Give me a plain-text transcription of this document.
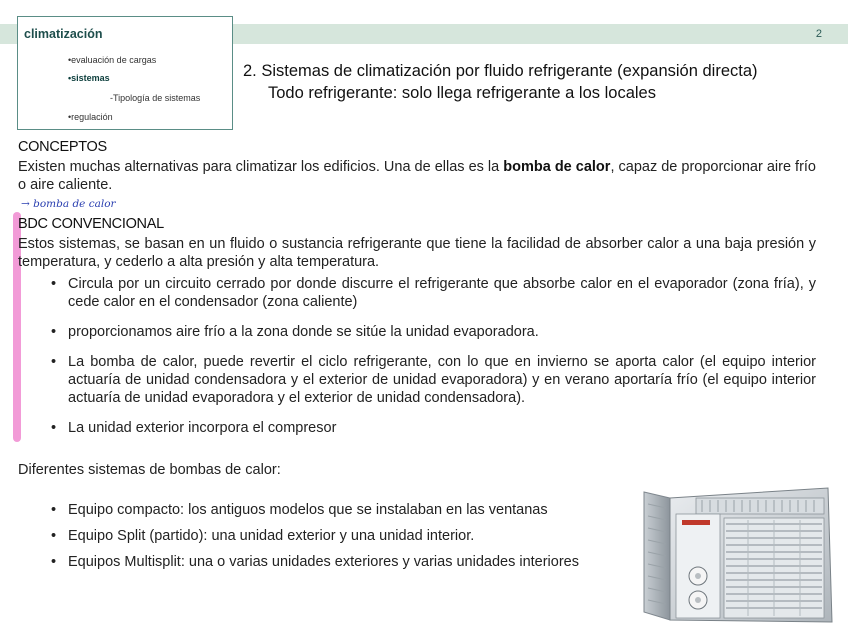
2
climatización
•evaluación de cargas
•sistemas
-Tipología de sistemas
•regulación
2. Sistemas de climatización por fluido refrigerante (expansión directa)
Todo refrigerante: solo llega refrigerante a los locales
CONCEPTOS
Existen muchas alternativas para climatizar los edificios. Una de ellas es la bomba de calor, capaz de proporcionar aire frío o aire caliente.
→ bomba de calor
BDC CONVENCIONAL
Estos sistemas, se basan en un fluido o sustancia refrigerante que tiene la facilidad de absorber calor a una baja presión y temperatura, y cederlo a alta presión y alta temperatura.
• Circula por un circuito cerrado por donde discurre el refrigerante que absorbe calor en el evaporador (zona fría), y cede calor en el condensador (zona caliente)
• proporcionamos aire frío a la zona donde se sitúe la unidad evaporadora.
• La bomba de calor, puede revertir el ciclo refrigerante, con lo que en invierno se aporta calor (el equipo interior actuaría de unidad condensadora y el exterior de unidad evaporadora) y en verano aportaría frío (el equipo interior actuaría de unidad evaporadora y el exterior de unidad condensadora).
• La unidad exterior incorpora el compresor
Diferentes sistemas de bombas de calor:
• Equipo compacto: los antiguos modelos que se instalaban en las ventanas
• Equipo Split (partido): una unidad exterior y una unidad interior.
• Equipos Multisplit: una o varias unidades exteriores y varias unidades interiores
